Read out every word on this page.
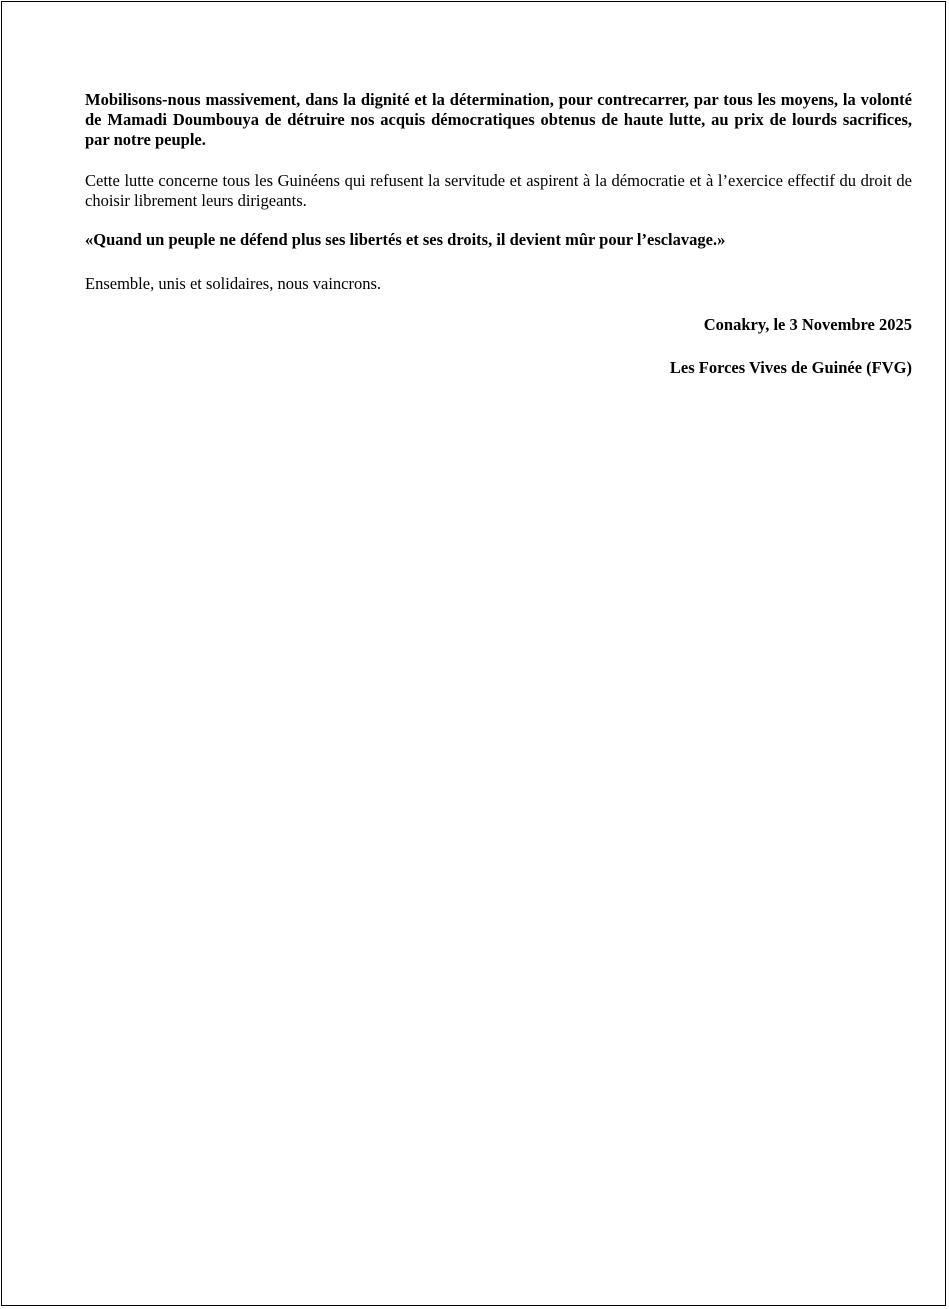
Mobilisons-nous massivement, dans la dignité et la détermination, pour contrecarrer, par tous les moyens, la volonté de Mamadi Doumbouya de détruire nos acquis démocratiques obtenus de haute lutte, au prix de lourds sacrifices, par notre peuple.

Cette lutte concerne tous les Guinéens qui refusent la servitude et aspirent à la démocratie et à l’exercice effectif du droit de choisir librement leurs dirigeants.

«Quand un peuple ne défend plus ses libertés et ses droits, il devient mûr pour l’esclavage.»

Ensemble, unis et solidaires, nous vaincrons.

Conakry, le 3 Novembre 2025

Les Forces Vives de Guinée (FVG)
